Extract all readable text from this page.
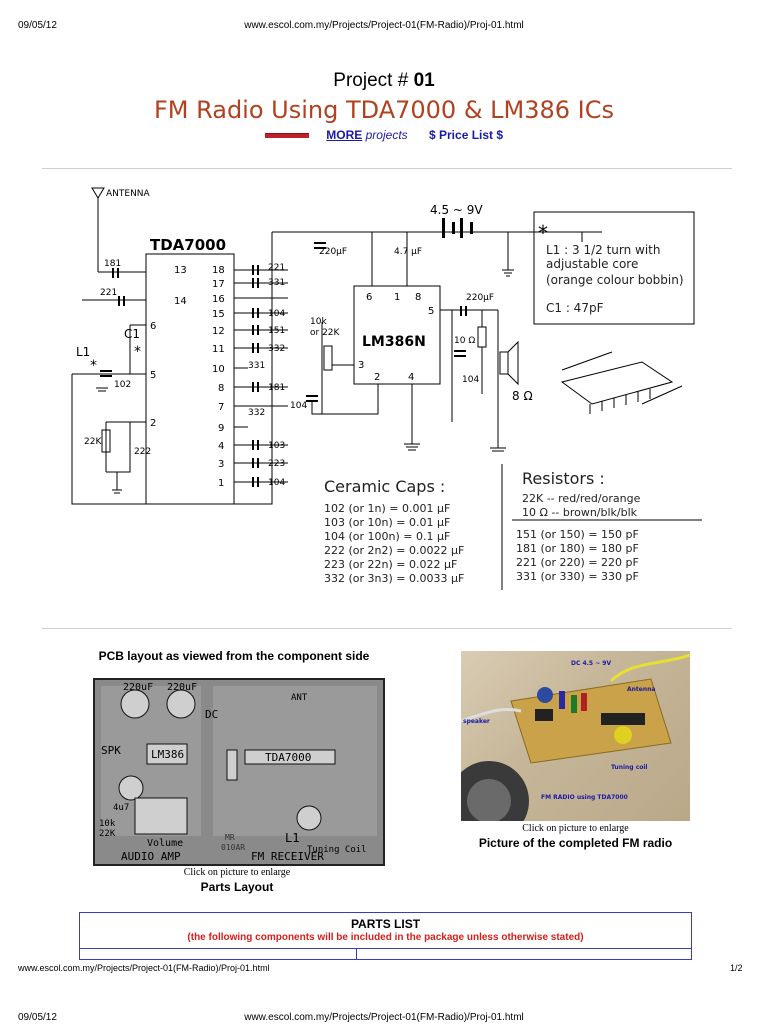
09/05/12	www.escol.com.my/Projects/Project-01(FM-Radio)/Proj-01.html
Project # 01
FM Radio Using TDA7000 & LM386 ICs
MORE projects $ Price List $
ANTENNA
181
221
102
222
22K
104
104
10k
or 22K
10 Ω
220µF	4.7 µF
220µF
13
14
6
5
2
18
17
16
15
12
11
10
8
7
9
4
3
1
221
331
104
151
332
331
181
332
103
223
104
6 1 8
5
3
2	4
TDA7000
LM386N
4.5 ~ 9V
8 Ω
L1
C1
*
*
*
L1 : 3 1/2 turn with
adjustable core
(orange colour bobbin)
C1 : 47pF
Ceramic Caps :
102 (or 1n) = 0.001 µF
103 (or 10n) = 0.01 µF
104 (or 100n) = 0.1 µF
222 (or 2n2) = 0.0022 µF
223 (or 22n) = 0.022 µF
332 (or 3n3) = 0.0033 µF
Resistors :
22K -- red/red/orange
10 Ω -- brown/blk/blk
151 (or 150) = 150 pF
181 (or 180) = 180 pF
221 (or 220) = 220 pF
331 (or 330) = 330 pF
PCB layout as viewed from the component side
220uF 220uF
SPK	LM386	TDA7000
DC
ANT
4u7
10k
22K
Volume	L1
Tuning Coil
MR
010AR
AUDIO AMP	FM RECEIVER
Click on picture to enlarge
Parts Layout
DC 4.5 ~ 9V
Antenna
speaker
Tuning coil
FM RADIO using TDA7000
Click on picture to enlarge
Picture of the completed FM radio
PARTS LIST
(the following components will be included in the package unless otherwise stated)
www.escol.com.my/Projects/Project-01(FM-Radio)/Proj-01.html	1/2
09/05/12	www.escol.com.my/Projects/Project-01(FM-Radio)/Proj-01.html
